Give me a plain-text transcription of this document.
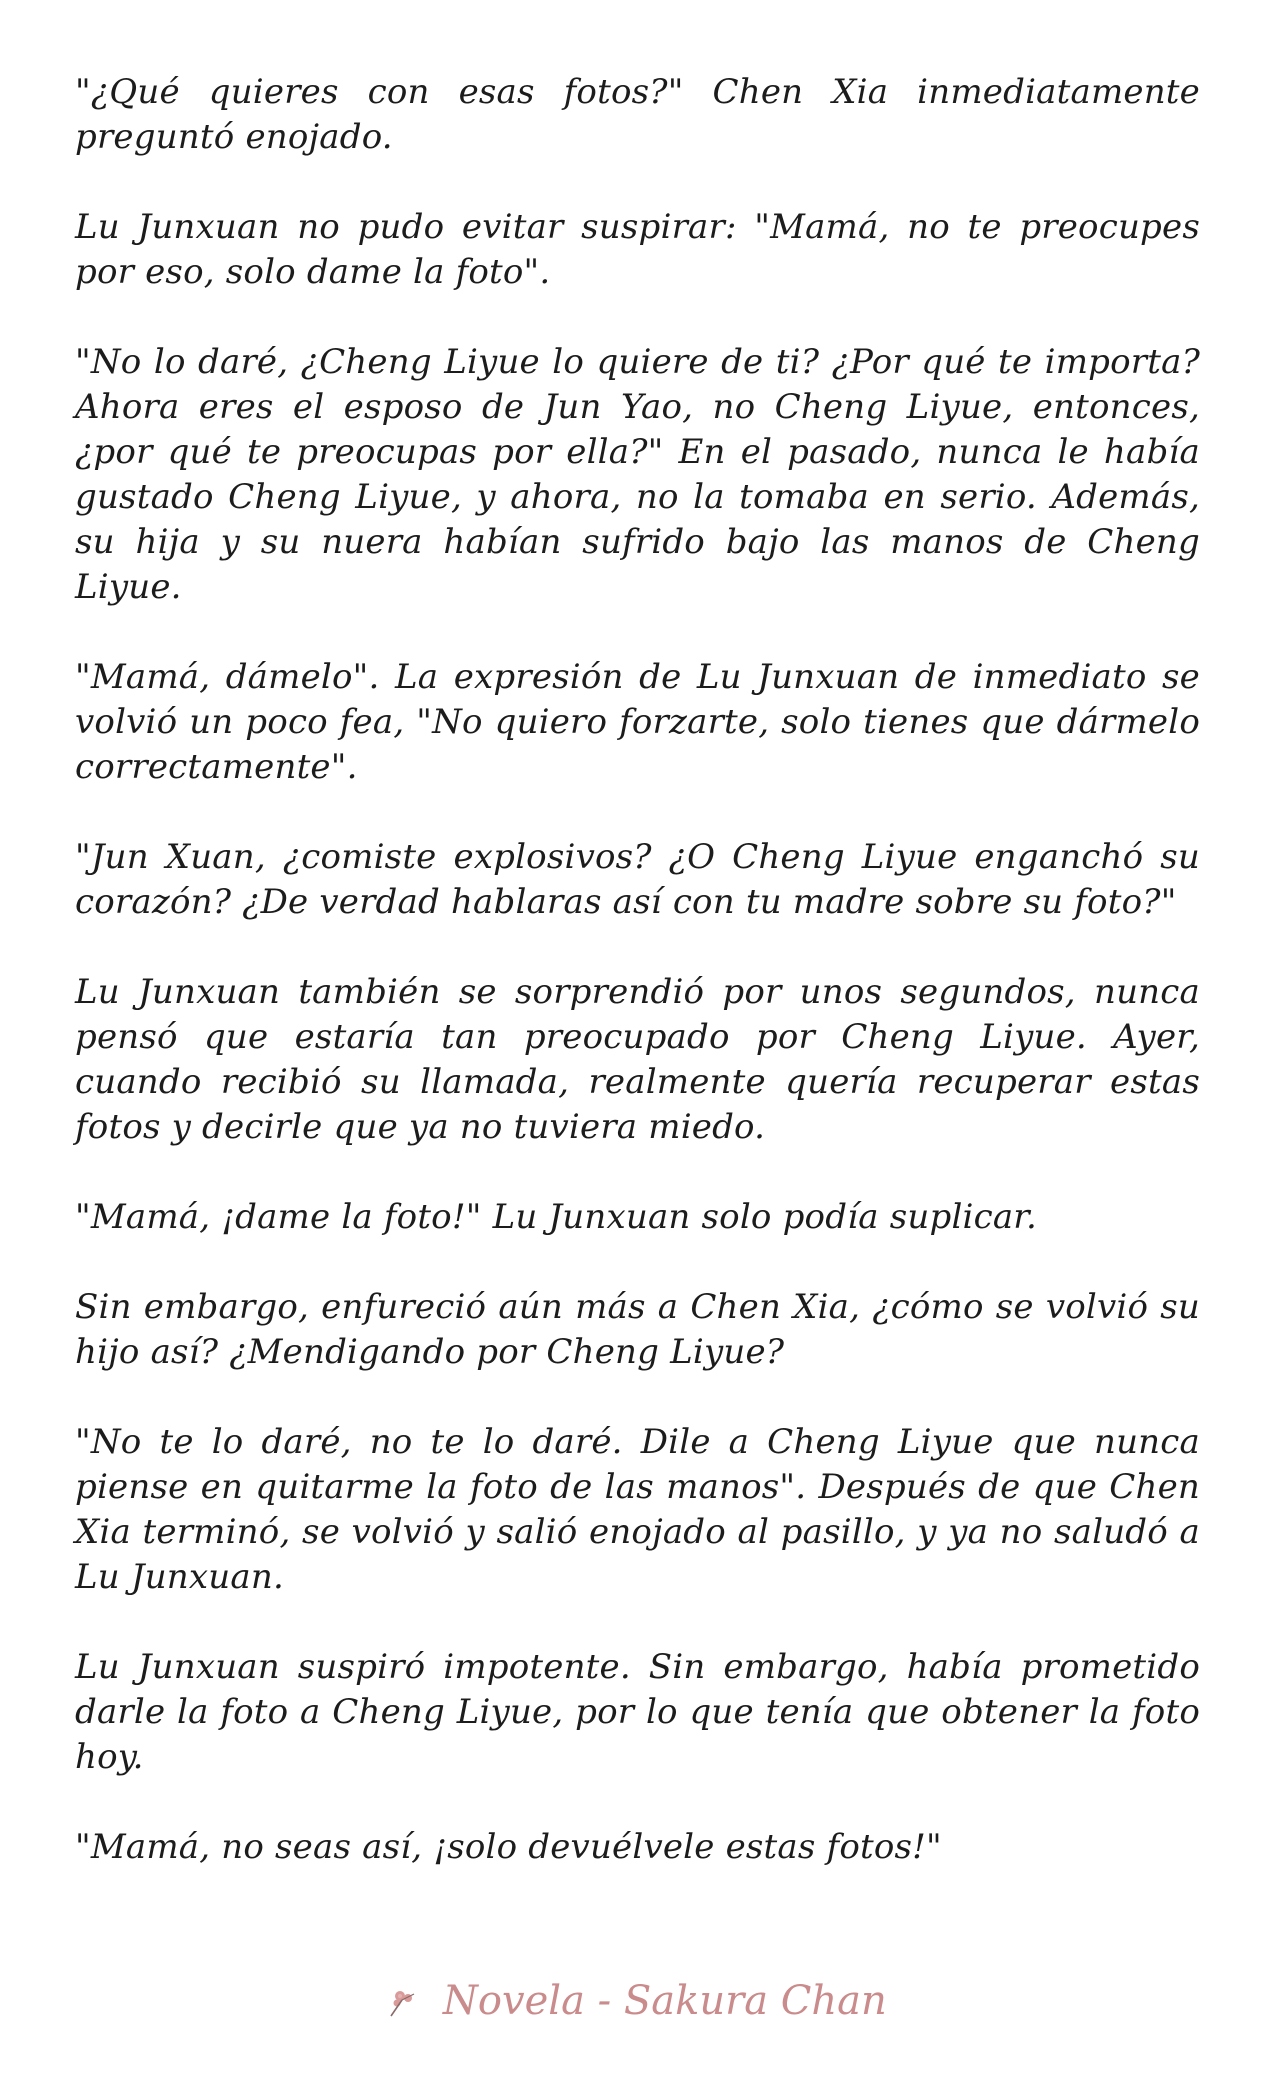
"¿Qué quieres con esas fotos?" Chen Xia inmediatamente preguntó enojado.

Lu Junxuan no pudo evitar suspirar: "Mamá, no te preocupes por eso, solo dame la foto".

"No lo daré, ¿Cheng Liyue lo quiere de ti? ¿Por qué te importa? Ahora eres el esposo de Jun Yao, no Cheng Liyue, entonces, ¿por qué te preocupas por ella?" En el pasado, nunca le había gustado Cheng Liyue, y ahora, no la tomaba en serio. Además, su hija y su nuera habían sufrido bajo las manos de Cheng Liyue.

"Mamá, dámelo". La expresión de Lu Junxuan de inmediato se volvió un poco fea, "No quiero forzarte, solo tienes que dármelo correctamente".

"Jun Xuan, ¿comiste explosivos? ¿O Cheng Liyue enganchó su corazón? ¿De verdad hablaras así con tu madre sobre su foto?"

Lu Junxuan también se sorprendió por unos segundos, nunca pensó que estaría tan preocupado por Cheng Liyue. Ayer, cuando recibió su llamada, realmente quería recuperar estas fotos y decirle que ya no tuviera miedo.

"Mamá, ¡dame la foto!" Lu Junxuan solo podía suplicar.

Sin embargo, enfureció aún más a Chen Xia, ¿cómo se volvió su hijo así? ¿Mendigando por Cheng Liyue?

"No te lo daré, no te lo daré. Dile a Cheng Liyue que nunca piense en quitarme la foto de las manos". Después de que Chen Xia terminó, se volvió y salió enojado al pasillo, y ya no saludó a Lu Junxuan.

Lu Junxuan suspiró impotente. Sin embargo, había prometido darle la foto a Cheng Liyue, por lo que tenía que obtener la foto hoy.

"Mamá, no seas así, ¡solo devuélvele estas fotos!"

Novela - Sakura Chan
